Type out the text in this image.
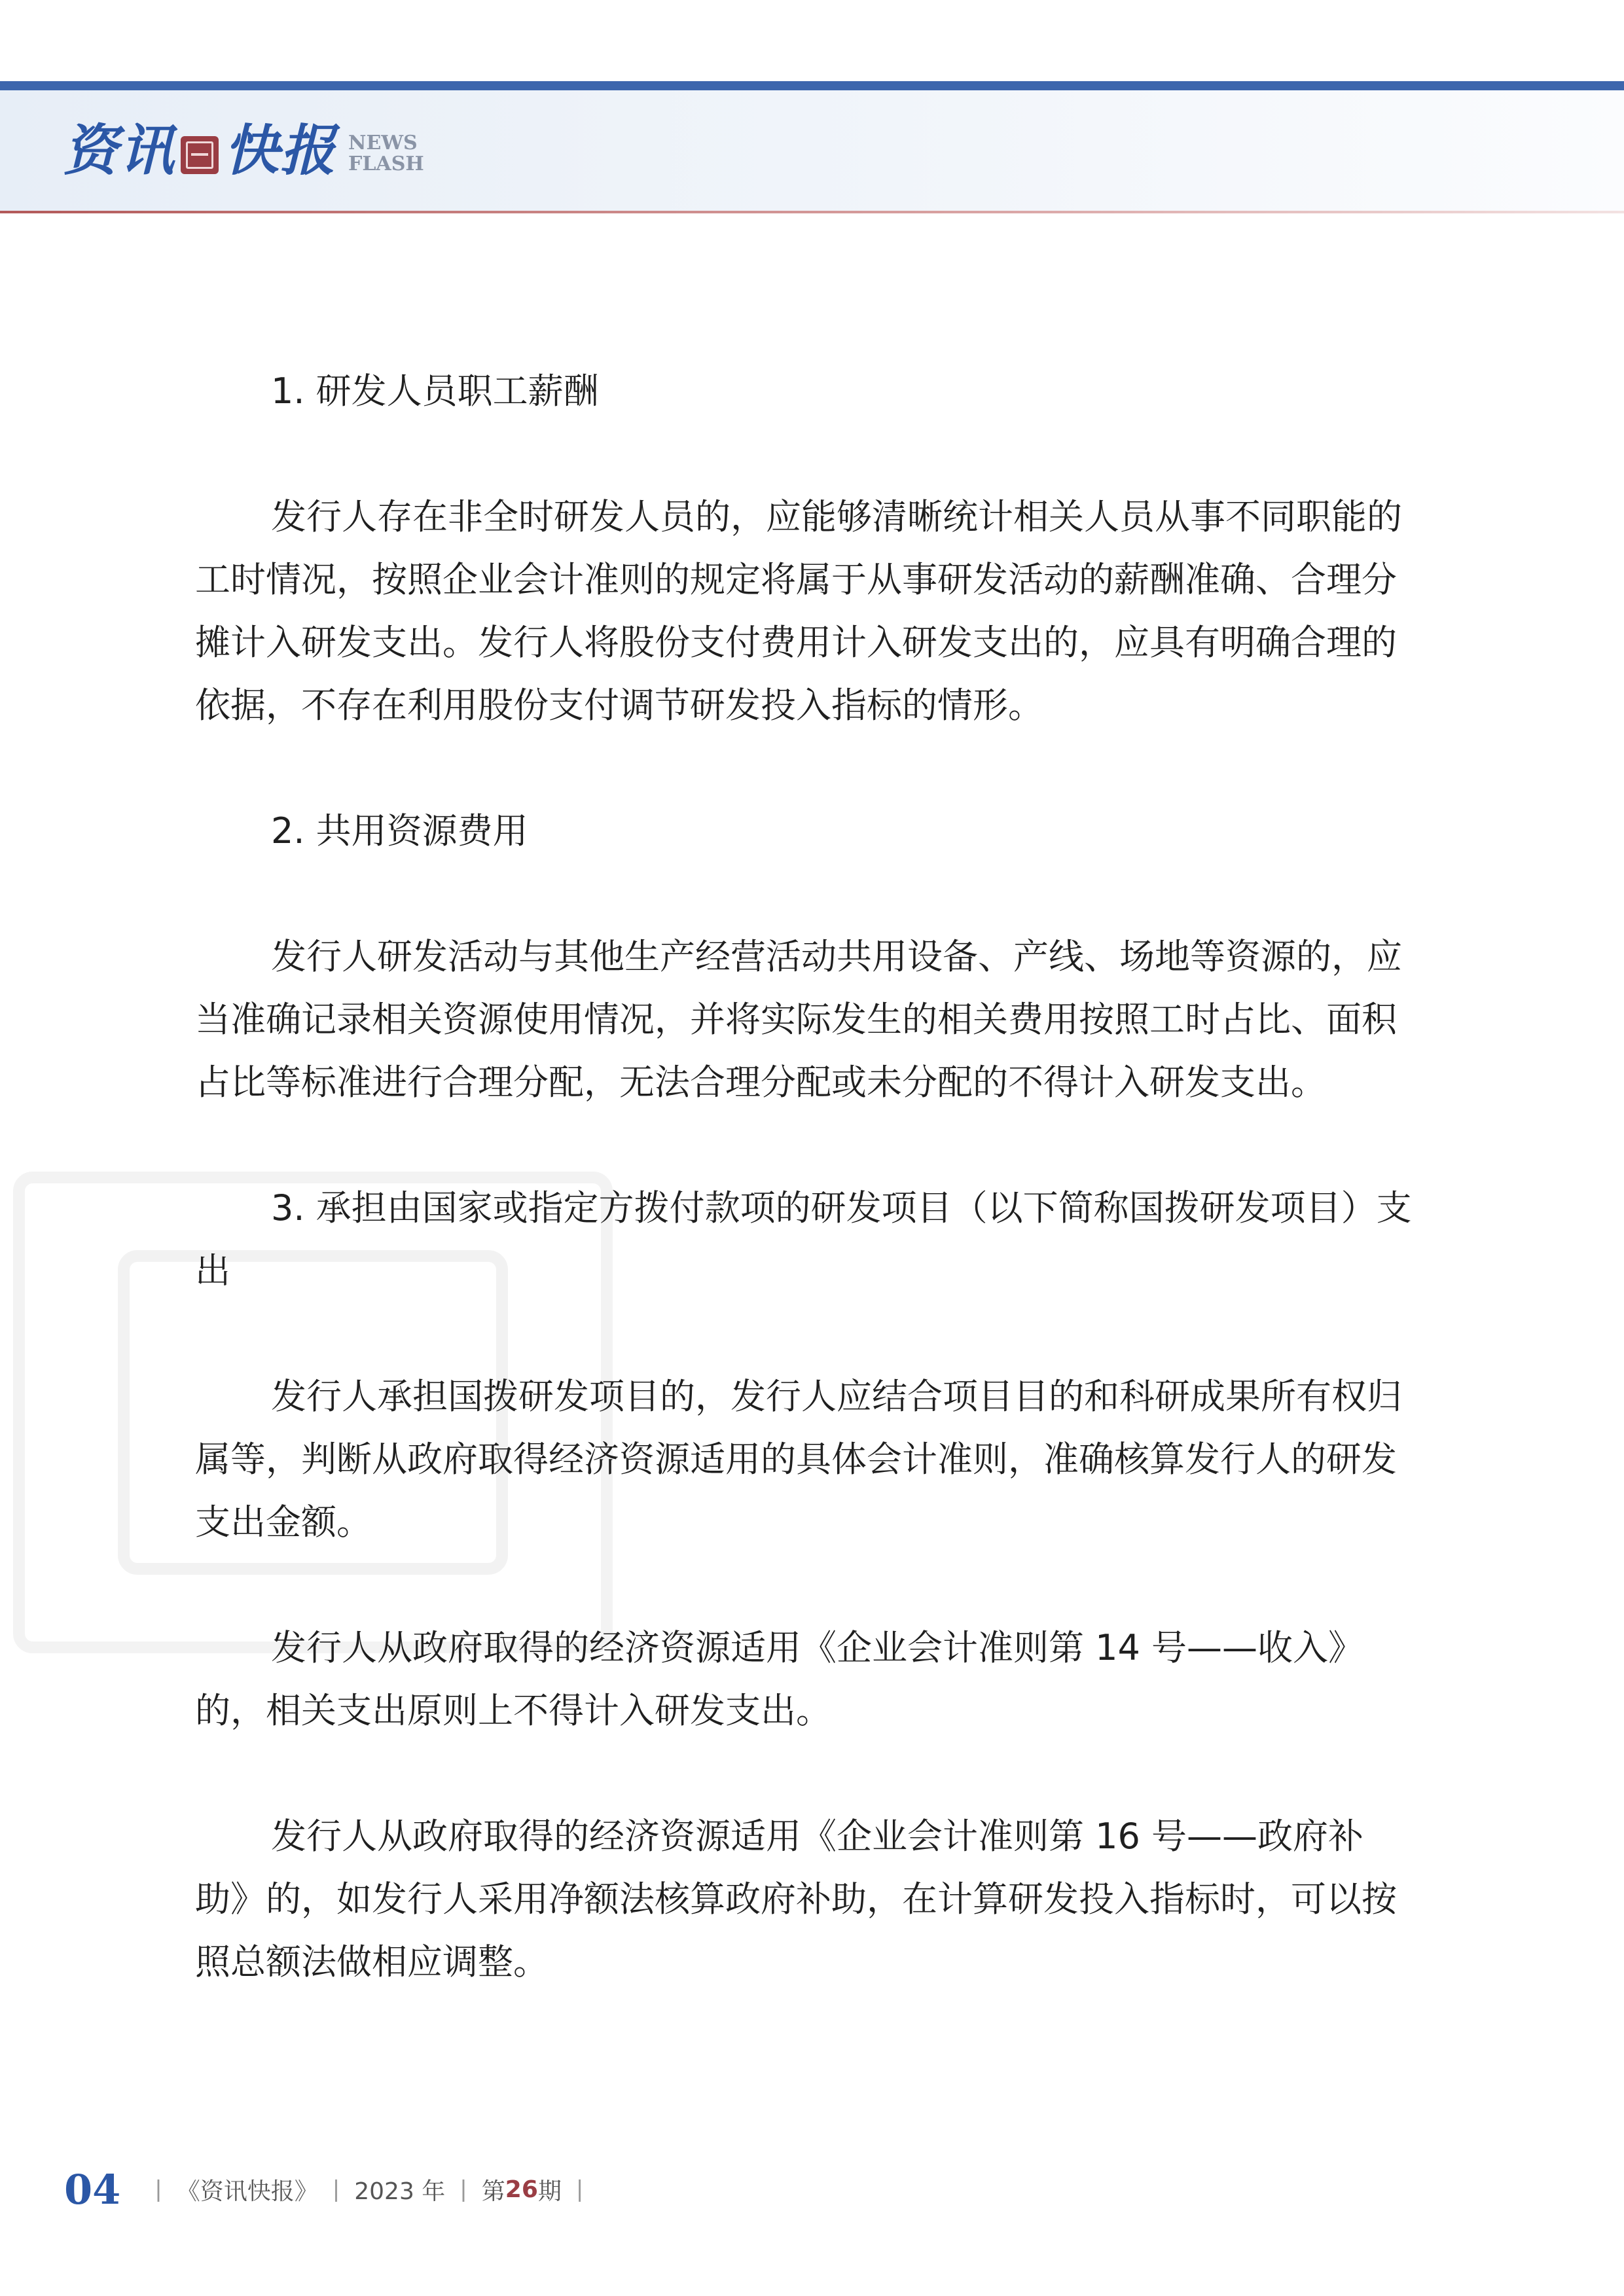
资讯 快报 NEWS
FLASH

1. 研发人员职工薪酬

发行人存在非全时研发人员的，应能够清晰统计相关人员从事不同职能的工时情况，按照企业会计准则的规定将属于从事研发活动的薪酬准确、合理分摊计入研发支出。发行人将股份支付费用计入研发支出的，应具有明确合理的依据，不存在利用股份支付调节研发投入指标的情形。

2. 共用资源费用

发行人研发活动与其他生产经营活动共用设备、产线、场地等资源的，应当准确记录相关资源使用情况，并将实际发生的相关费用按照工时占比、面积占比等标准进行合理分配，无法合理分配或未分配的不得计入研发支出。

3. 承担由国家或指定方拨付款项的研发项目（以下简称国拨研发项目）支出

发行人承担国拨研发项目的，发行人应结合项目目的和科研成果所有权归属等，判断从政府取得经济资源适用的具体会计准则，准确核算发行人的研发支出金额。

发行人从政府取得的经济资源适用《企业会计准则第 14 号——收入》的，相关支出原则上不得计入研发支出。

发行人从政府取得的经济资源适用《企业会计准则第 16 号——政府补助》的，如发行人采用净额法核算政府补助，在计算研发投入指标时，可以按照总额法做相应调整。

04 | 《资讯快报》 | 2023 年 | 第 26 期 |
